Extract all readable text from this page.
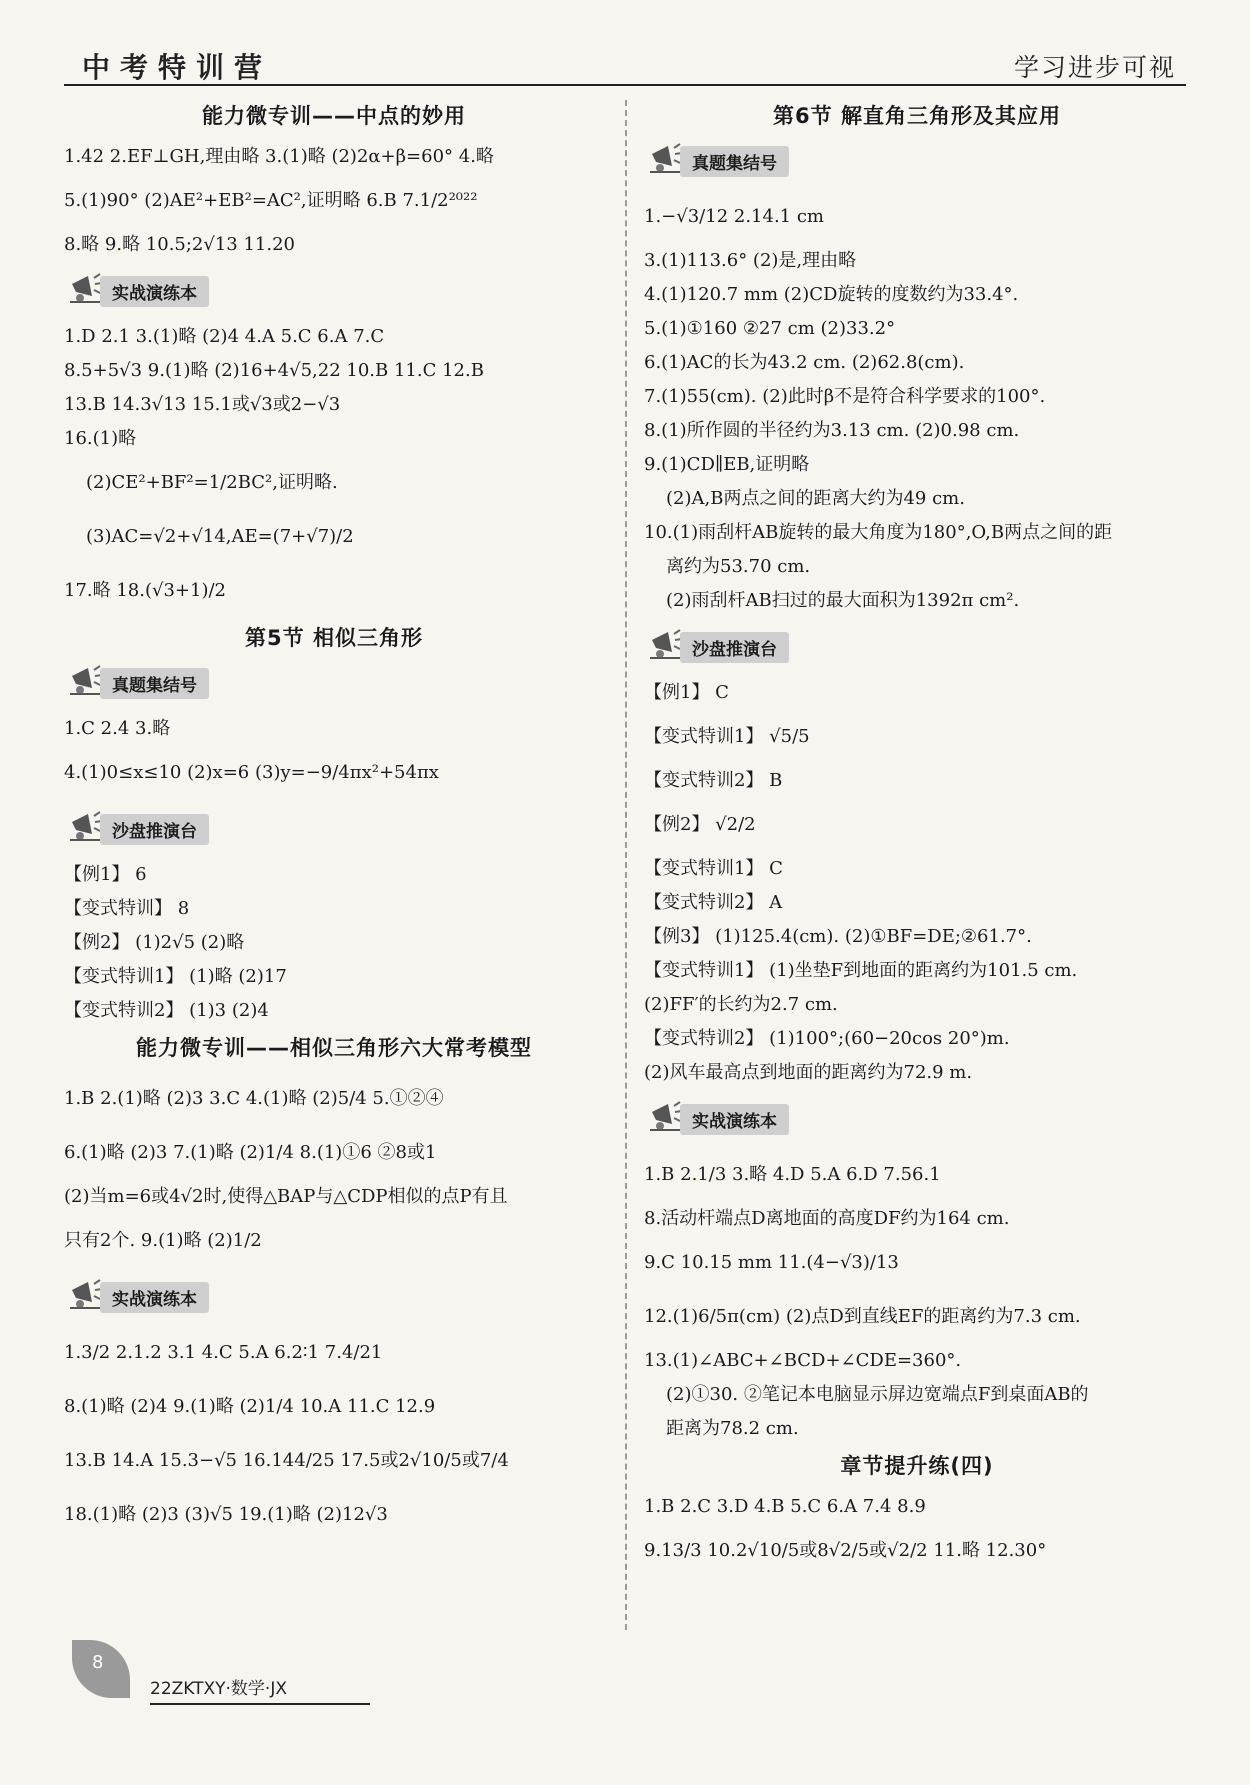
中考特训营	学习进步可视
能力微专训——中点的妙用
1.42 2.EF⊥GH,理由略 3.(1)略 (2)2α+β=60° 4.略
5.(1)90° (2)AE²+EB²=AC²,证明略 6.B 7.1/2²⁰²²
8.略 9.略 10.5;2√13 11.20
实战演练本
1.D 2.1 3.(1)略 (2)4 4.A 5.C 6.A 7.C
8.5+5√3 9.(1)略 (2)16+4√5,22 10.B 11.C 12.B
13.B 14.3√13 15.1或√3或2−√3
16.(1)略
(2)CE²+BF²=1/2BC²,证明略.
(3)AC=√2+√14,AE=(7+√7)/2
17.略 18.(√3+1)/2
第5节 相似三角形
真题集结号
1.C 2.4 3.略
4.(1)0≤x≤10 (2)x=6 (3)y=−9/4πx²+54πx
沙盘推演台
【例1】 6
【变式特训】 8
【例2】 (1)2√5 (2)略
【变式特训1】 (1)略 (2)17
【变式特训2】 (1)3 (2)4
能力微专训——相似三角形六大常考模型
1.B 2.(1)略 (2)3 3.C 4.(1)略 (2)5/4 5.①②④
6.(1)略 (2)3 7.(1)略 (2)1/4 8.(1)①6 ②8或1
(2)当m=6或4√2时,使得△BAP与△CDP相似的点P有且
只有2个. 9.(1)略 (2)1/2
实战演练本
1.3/2 2.1.2 3.1 4.C 5.A 6.2∶1 7.4/21
8.(1)略 (2)4 9.(1)略 (2)1/4 10.A 11.C 12.9
13.B 14.A 15.3−√5 16.144/25 17.5或2√10/5或7/4
18.(1)略 (2)3 (3)√5 19.(1)略 (2)12√3
第6节 解直角三角形及其应用
真题集结号
1.−√3/12 2.14.1 cm
3.(1)113.6° (2)是,理由略
4.(1)120.7 mm (2)CD旋转的度数约为33.4°.
5.(1)①160 ②27 cm (2)33.2°
6.(1)AC的长为43.2 cm. (2)62.8(cm).
7.(1)55(cm). (2)此时β不是符合科学要求的100°.
8.(1)所作圆的半径约为3.13 cm. (2)0.98 cm.
9.(1)CD∥EB,证明略
(2)A,B两点之间的距离大约为49 cm.
10.(1)雨刮杆AB旋转的最大角度为180°,O,B两点之间的距
离约为53.70 cm.
(2)雨刮杆AB扫过的最大面积为1392π cm².
沙盘推演台
【例1】 C
【变式特训1】 √5/5
【变式特训2】 B
【例2】 √2/2
【变式特训1】 C
【变式特训2】 A
【例3】 (1)125.4(cm). (2)①BF=DE;②61.7°.
【变式特训1】 (1)坐垫F到地面的距离约为101.5 cm.
(2)FF′的长约为2.7 cm.
【变式特训2】 (1)100°;(60−20cos 20°)m.
(2)风车最高点到地面的距离约为72.9 m.
实战演练本
1.B 2.1/3 3.略 4.D 5.A 6.D 7.56.1
8.活动杆端点D离地面的高度DF约为164 cm.
9.C 10.15 mm 11.(4−√3)/13
12.(1)6/5π(cm) (2)点D到直线EF的距离约为7.3 cm.
13.(1)∠ABC+∠BCD+∠CDE=360°.
(2)①30. ②笔记本电脑显示屏边宽端点F到桌面AB的
距离为78.2 cm.
章节提升练(四)
1.B 2.C 3.D 4.B 5.C 6.A 7.4 8.9
9.13/3 10.2√10/5或8√2/5或√2/2 11.略 12.30°
8
22ZKTXY·数学·JX
